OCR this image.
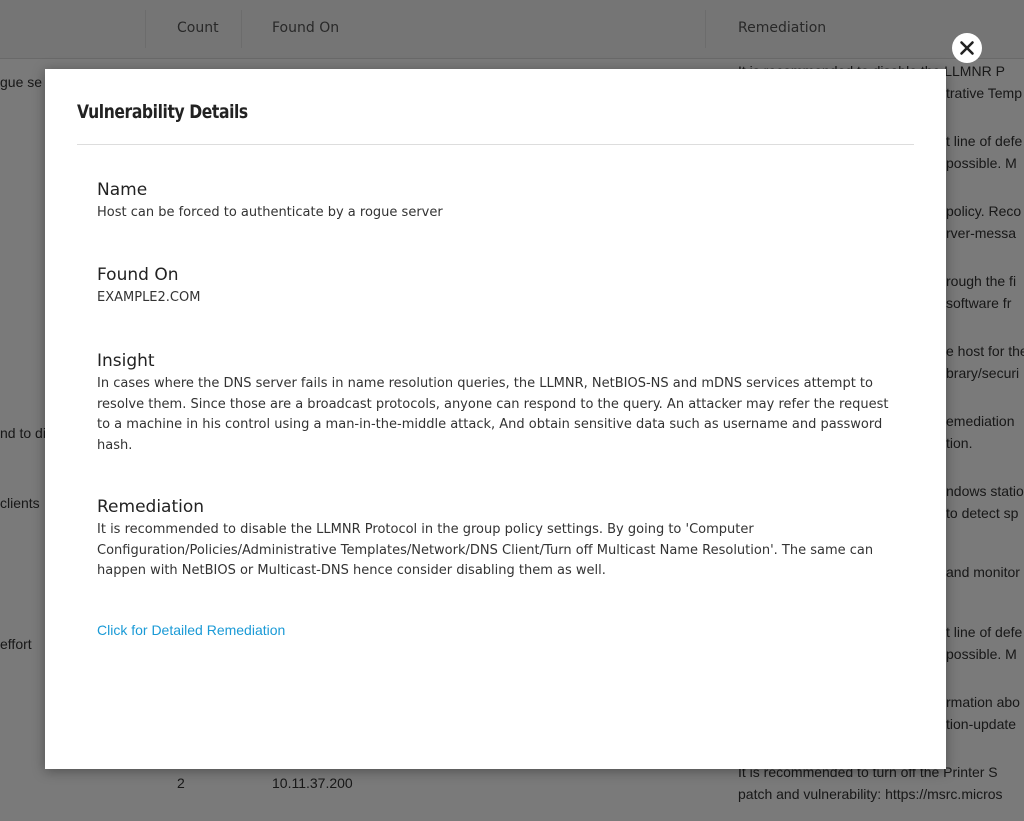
Vulnerability Details
Name
Host can be forced to authenticate by a rogue server
Found On
EXAMPLE2.COM
Insight
In cases where the DNS server fails in name resolution queries, the LLMNR, NetBIOS-NS and mDNS services attempt to resolve them. Since those are a broadcast protocols, anyone can respond to the query. An attacker may refer the request to a machine in his control using a man-in-the-middle attack, And obtain sensitive data such as username and password hash.
Remediation
It is recommended to disable the LLMNR Protocol in the group policy settings. By going to 'Computer Configuration/Policies/Administrative Templates/Network/DNS Client/Turn off Multicast Name Resolution'. The same can happen with NetBIOS or Multicast-DNS hence consider disabling them as well.
Click for Detailed Remediation
